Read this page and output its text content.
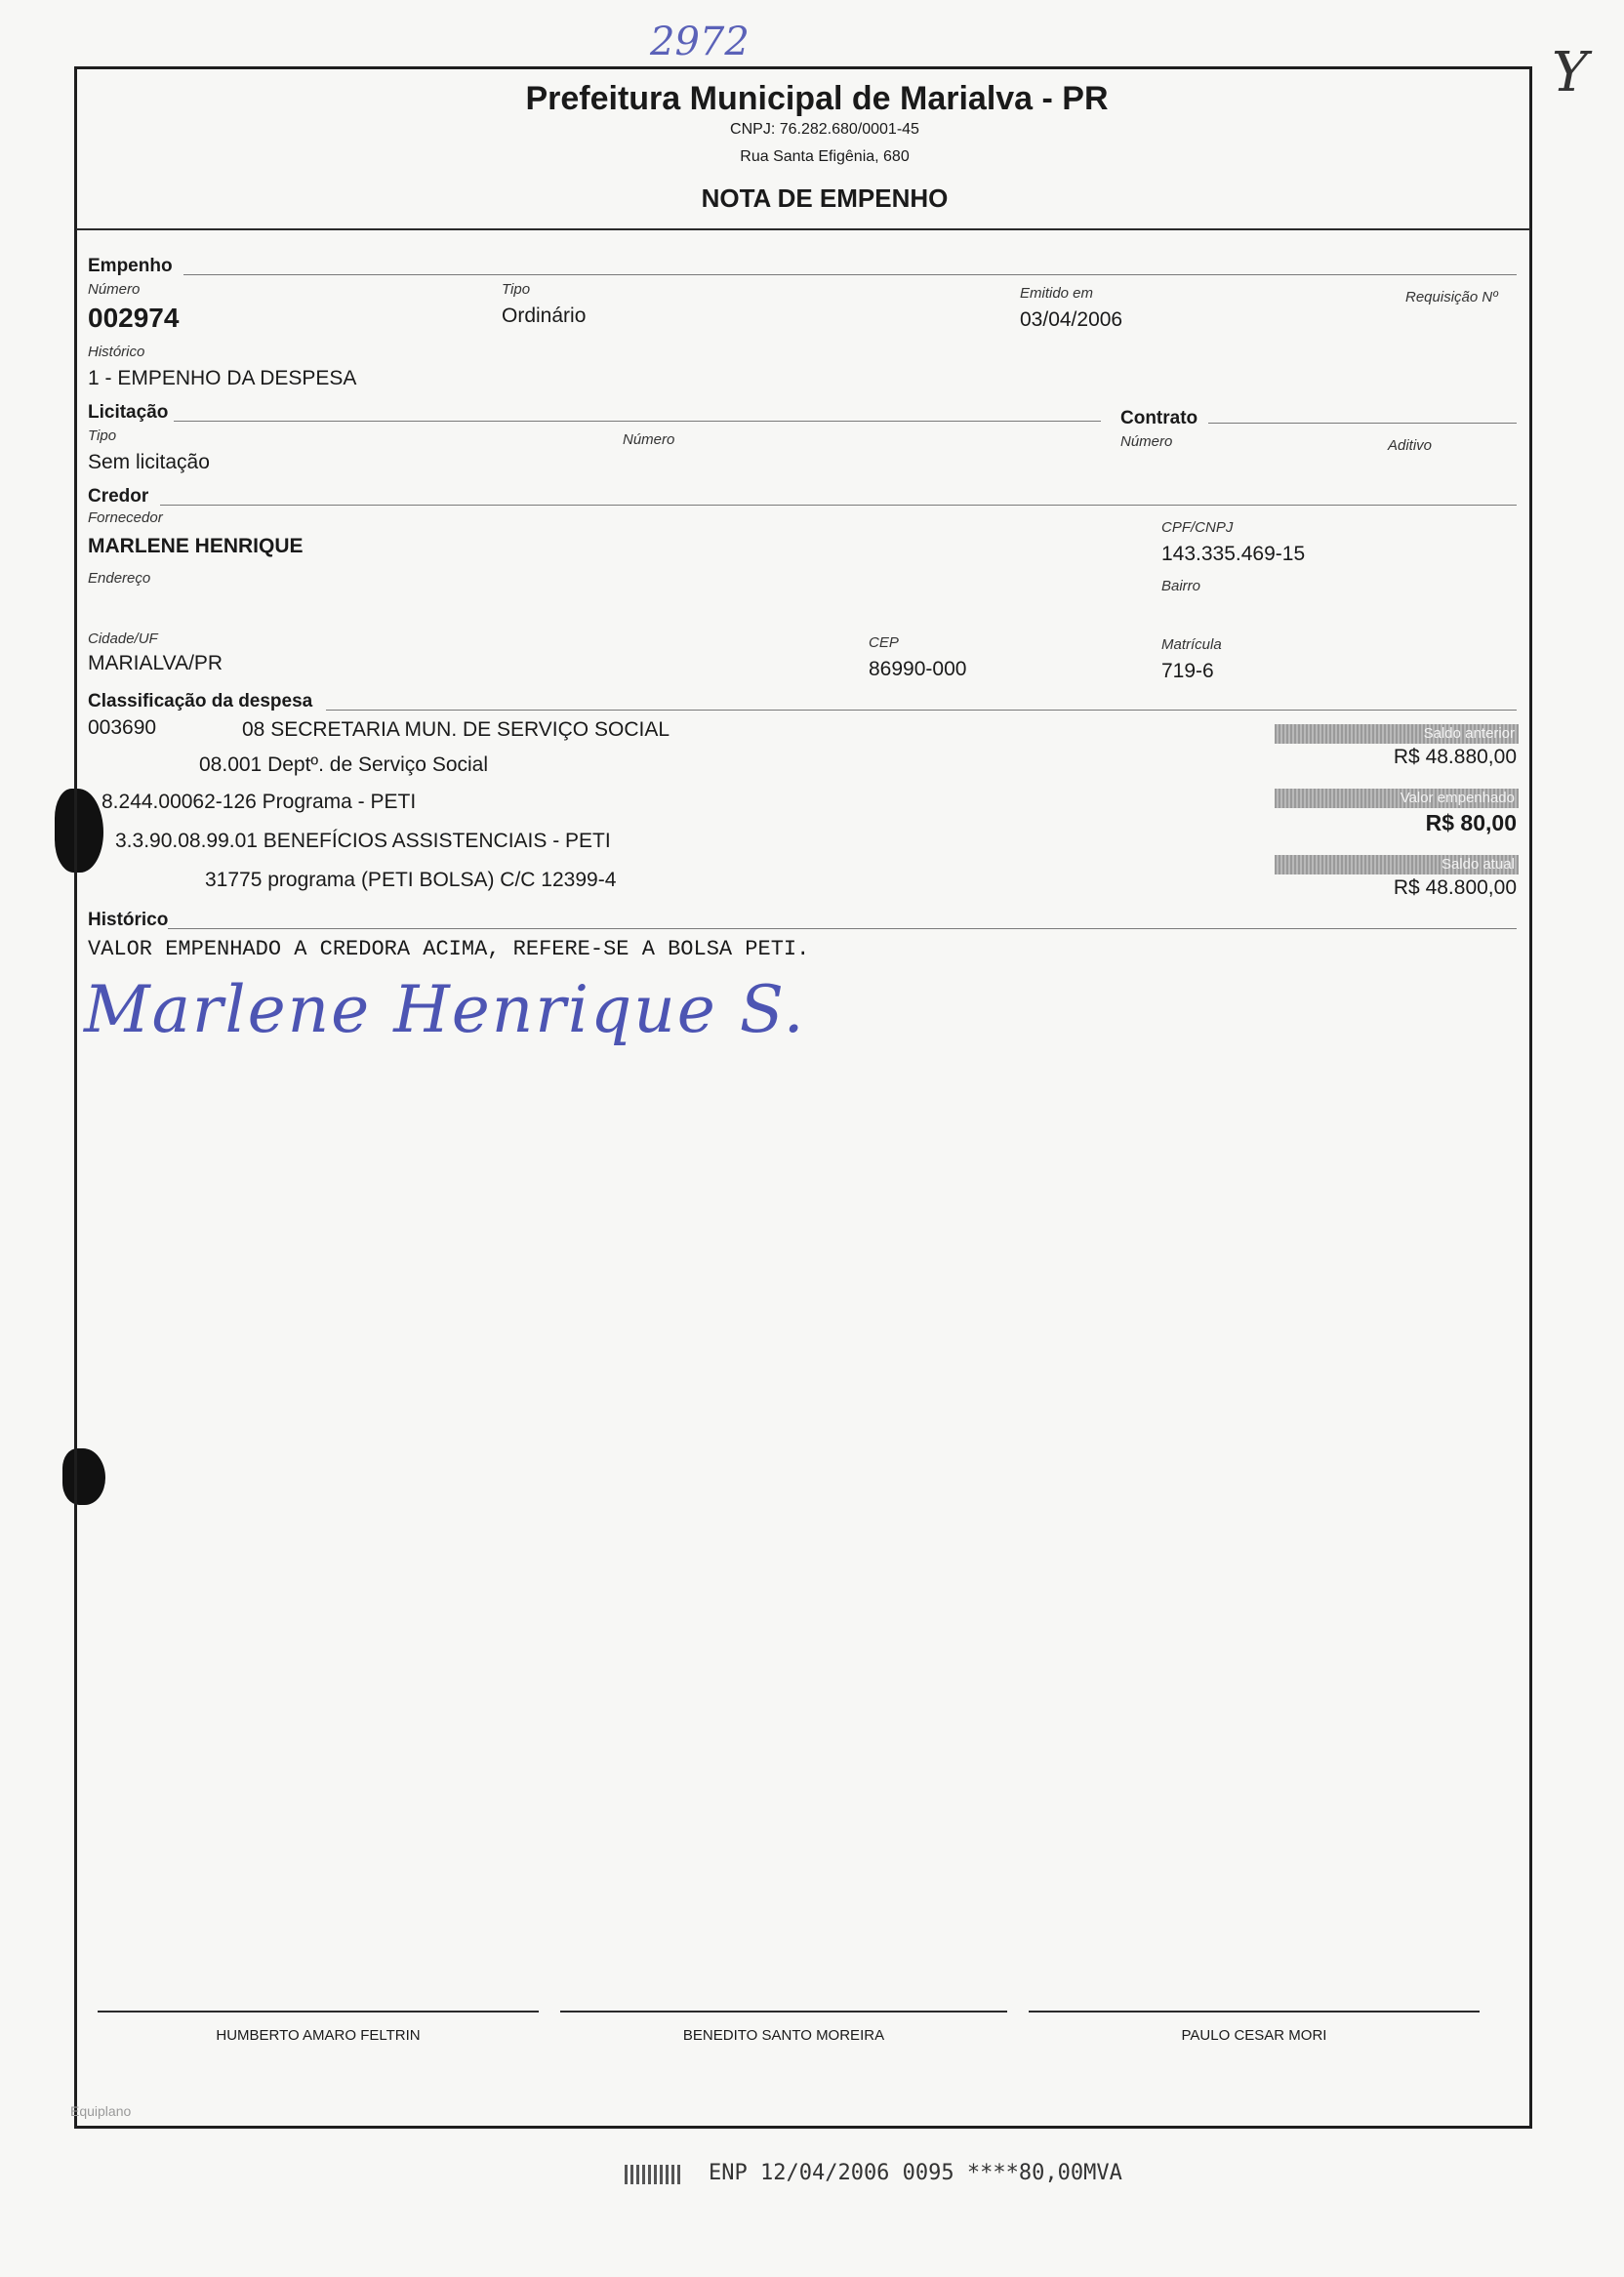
2972	Y
Prefeitura Municipal de Marialva - PR
CNPJ: 76.282.680/0001-45
Rua Santa Efigênia, 680
NOTA DE EMPENHO
Empenho
Número
002974
Tipo
Ordinário
Emitido em
03/04/2006
Requisição Nº
Histórico
1 - EMPENHO DA DESPESA
Licitação
Tipo
Sem licitação
Número
Contrato
Número	Aditivo
Credor
Fornecedor
MARLENE HENRIQUE
CPF/CNPJ
143.335.469-15
Endereço	Bairro
Cidade/UF
MARIALVA/PR
CEP
86990-000
Matrícula
719-6
Classificação da despesa
003690	08 SECRETARIA MUN. DE SERVIÇO SOCIAL
08.001 Deptº. de Serviço Social
8.244.00062-126 Programa - PETI
3.3.90.08.99.01 BENEFÍCIOS ASSISTENCIAIS - PETI
31775 programa (PETI BOLSA) C/C 12399-4
Saldo anterior
R$ 48.880,00
Valor empenhado
R$ 80,00
Saldo atual
R$ 48.800,00
Histórico
VALOR EMPENHADO A CREDORA ACIMA, REFERE-SE A BOLSA PETI.
Marlene Henrique S.
HUMBERTO AMARO FELTRIN	BENEDITO SANTO MOREIRA	PAULO CESAR MORI
Equiplano
ENP 12/04/2006 0095 ****80,00MVA
